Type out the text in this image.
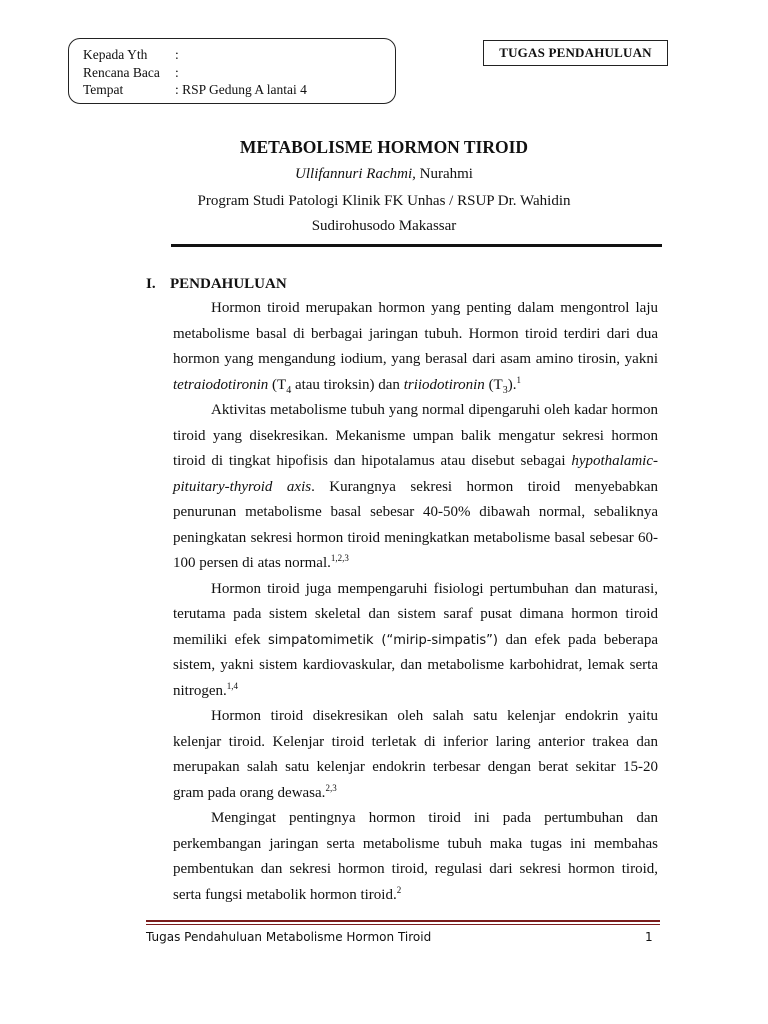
Kepada Yth	:
Rencana Baca	:
Tempat	: RSP Gedung A lantai 4
TUGAS PENDAHULUAN
METABOLISME HORMON TIROID
Ullifannuri Rachmi, Nurahmi
Program Studi Patologi Klinik FK Unhas / RSUP Dr. Wahidin
Sudirohusodo Makassar
I. PENDAHULUAN

Hormon tiroid merupakan hormon yang penting dalam mengontrol laju metabolisme basal di berbagai jaringan tubuh. Hormon tiroid terdiri dari dua hormon yang mengandung iodium, yang berasal dari asam amino tirosin, yakni tetraiodotironin ($T_4$ atau tiroksin) dan triiodotironin $(T_3).^1$

Aktivitas metabolisme tubuh yang normal dipengaruhi oleh kadar hormon tiroid yang disekresikan. Mekanisme umpan balik mengatur sekresi hormon tiroid di tingkat hipofisis dan hipotalamus atau disebut sebagai hypothalamic-pituitary-thyroid axis. Kurangnya sekresi hormon tiroid menyebabkan penurunan metabolisme basal sebesar 40-50% dibawah normal, sebaliknya peningkatan sekresi hormon tiroid meningkatkan metabolisme basal sebesar 60-100 persen di atas normal.$^{1,2,3}$

Hormon tiroid juga mempengaruhi fisiologi pertumbuhan dan maturasi, terutama pada sistem skeletal dan sistem saraf pusat dimana hormon tiroid memiliki efek simpatomimetik (“mirip-simpatis”) dan efek pada beberapa sistem, yakni sistem kardiovaskular, dan metabolisme karbohidrat, lemak serta nitrogen.$^{1,4}$

Hormon tiroid disekresikan oleh salah satu kelenjar endokrin yaitu kelenjar tiroid. Kelenjar tiroid terletak di inferior laring anterior trakea dan merupakan salah satu kelenjar endokrin terbesar dengan berat sekitar 15-20 gram pada orang dewasa.$^{2,3}$

Mengingat pentingnya hormon tiroid ini pada pertumbuhan dan perkembangan jaringan serta metabolisme tubuh maka tugas ini membahas pembentukan dan sekresi hormon tiroid, regulasi dari sekresi hormon tiroid, serta fungsi metabolik hormon tiroid.$^2$

Tugas Pendahuluan Metabolisme Hormon Tiroid	1
